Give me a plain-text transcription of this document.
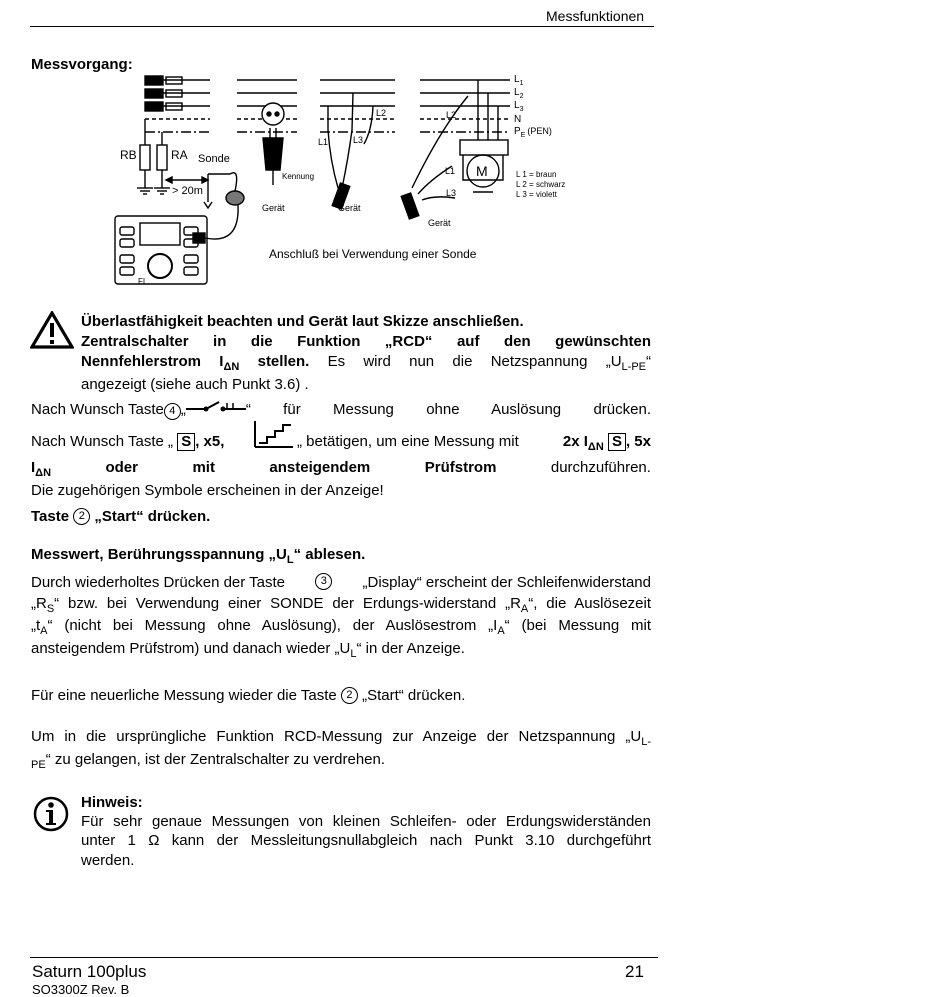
Messfunktionen
Messvorgang:
$L_1$
$L_2$
$L_3$
N
$P_E$ (PEN)
RB	RA Sonde
> 20m
Kennung
Gerät	Gerät
Gerät
L1	L3
L2	L2
L1
L3
M
FI
L 1 = braun
L 2 = schwarz
L 3 = violett
Anschluß bei Verwendung einer Sonde
Überlastfähigkeit beachten und Gerät laut Skizze anschließen.
Zentralschalter in die Funktion „RCD“ auf den gewünschten
Nennfehlerstrom $I_{\Delta N}$ stellen. Es wird nun die Netzspannung $„U_{L-PE}“$
angezeigt (siehe auch Punkt 3.6) .
Nach Wunsch Taste 4 „	“ für Messung ohne Auslösung drücken.
Nach Wunsch Taste „ S , x5,	„ betätigen, um eine Messung mit	2x $I_{\Delta N}$ S , 5x
$I_{\Delta N}$	oder	mit	ansteigendem	Prüfstrom	durchzuführen.
Die zugehörigen Symbole erscheinen in der Anzeige!
Taste 2 „Start“ drücken.
Messwert, Berührungsspannung $„U_L“$ ablesen.
Durch wiederholtes Drücken der Taste	3	„Display“ erscheint der Schleifenwiderstand
$„R_S“$ bzw. bei Verwendung einer SONDE der Erdungs-widerstand $„R_A“$, die Auslösezeit
$„t_A“$ (nicht bei Messung ohne Auslösung), der Auslösestrom $„I_A“$ (bei Messung mit
ansteigendem Prüfstrom) und danach wieder $„U_L“$ in der Anzeige.
Für eine neuerliche Messung wieder die Taste 2 „Start“ drücken.
Um in die ursprüngliche Funktion RCD-Messung zur Anzeige der Netzspannung $„U_{L-}$
$_{PE}$“ zu gelangen, ist der Zentralschalter zu verdrehen.
Hinweis:
Für sehr genaue Messungen von kleinen Schleifen- oder Erdungswiderständen
unter 1 Ω kann der Messleitungsnullabgleich nach Punkt 3.10 durchgeführt
werden.
Saturn 100plus
SO3300Z Rev. B
21
